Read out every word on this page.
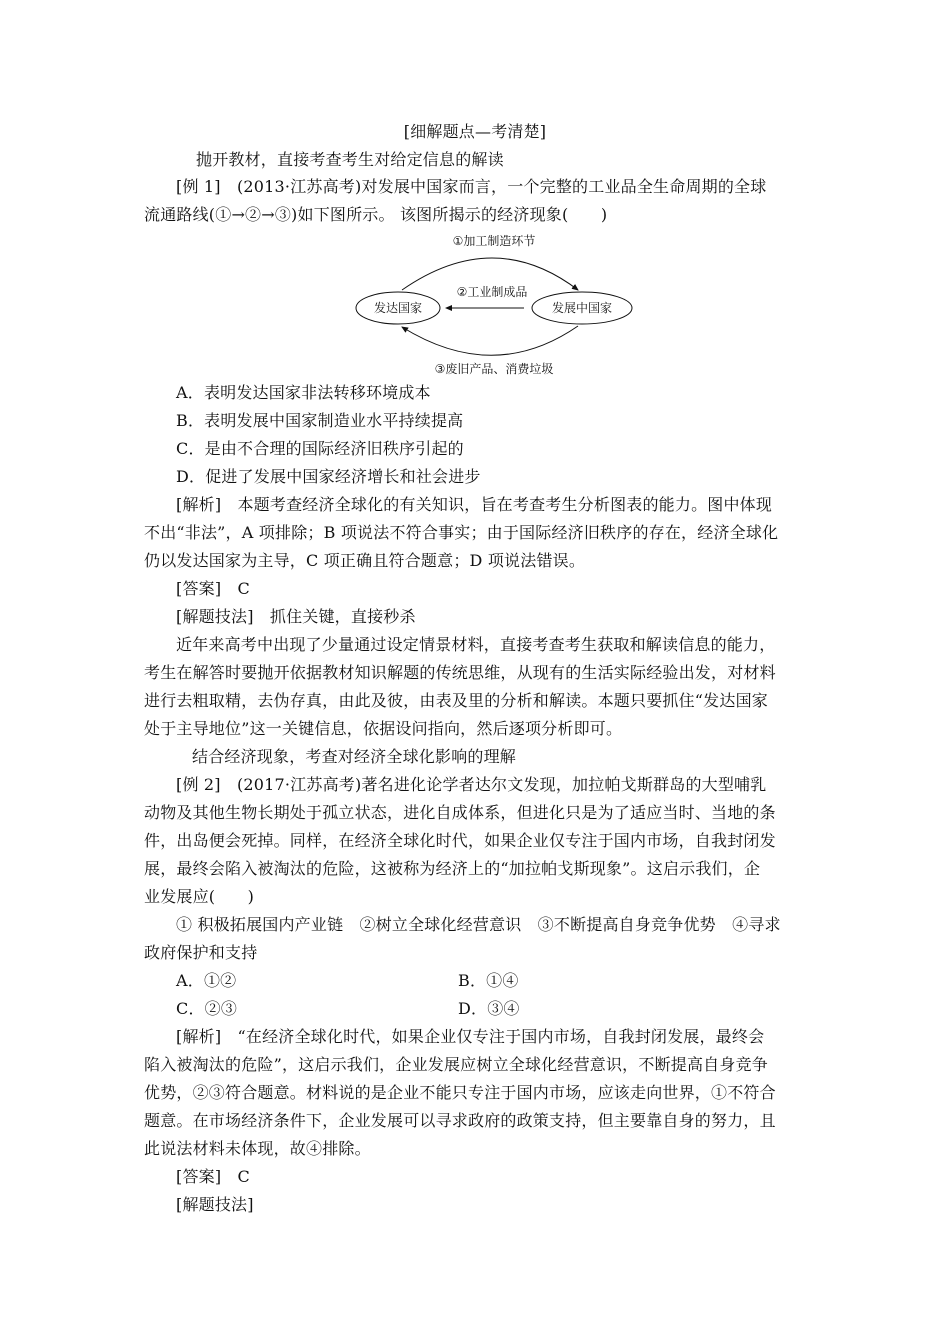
[细解题点—考清楚]
抛开教材，直接考查考生对给定信息的解读
[例 1]　(2013·江苏高考)对发展中国家而言，一个完整的工业品全生命周期的全球
流通路线(①→②→③)如下图所示。 该图所揭示的经济现象(　　)
①加工制造环节
发达国家	发展中国家
②工业制成品
③废旧产品、消费垃圾
A．表明发达国家非法转移环境成本
B．表明发展中国家制造业水平持续提高
C．是由不合理的国际经济旧秩序引起的
D．促进了发展中国家经济增长和社会进步
[解析]　本题考查经济全球化的有关知识，旨在考查考生分析图表的能力。图中体现
不出“非法”，A 项排除；B 项说法不符合事实；由于国际经济旧秩序的存在，经济全球化
仍以发达国家为主导，C 项正确且符合题意；D 项说法错误。
[答案]　C
[解题技法]　抓住关键，直接秒杀
近年来高考中出现了少量通过设定情景材料，直接考查考生获取和解读信息的能力，
考生在解答时要抛开依据教材知识解题的传统思维，从现有的生活实际经验出发，对材料
进行去粗取精，去伪存真，由此及彼，由表及里的分析和解读。本题只要抓住“发达国家
处于主导地位”这一关键信息，依据设问指向，然后逐项分析即可。
结合经济现象，考查对经济全球化影响的理解
[例 2]　(2017·江苏高考)著名进化论学者达尔文发现，加拉帕戈斯群岛的大型哺乳
动物及其他生物长期处于孤立状态，进化自成体系，但进化只是为了适应当时、当地的条
件，出岛便会死掉。同样，在经济全球化时代，如果企业仅专注于国内市场，自我封闭发
展，最终会陷入被淘汰的危险，这被称为经济上的“加拉帕戈斯现象”。这启示我们，企
业发展应(　　)
① 积极拓展国内产业链　②树立全球化经营意识　③不断提高自身竞争优势　④寻求
政府保护和支持
A．①②	B．①④
C．②③	D．③④
[解析]　“在经济全球化时代，如果企业仅专注于国内市场，自我封闭发展，最终会
陷入被淘汰的危险”，这启示我们，企业发展应树立全球化经营意识，不断提高自身竞争
优势，②③符合题意。材料说的是企业不能只专注于国内市场，应该走向世界，①不符合
题意。在市场经济条件下，企业发展可以寻求政府的政策支持，但主要靠自身的努力，且
此说法材料未体现，故④排除。
[答案]　C
[解题技法]
